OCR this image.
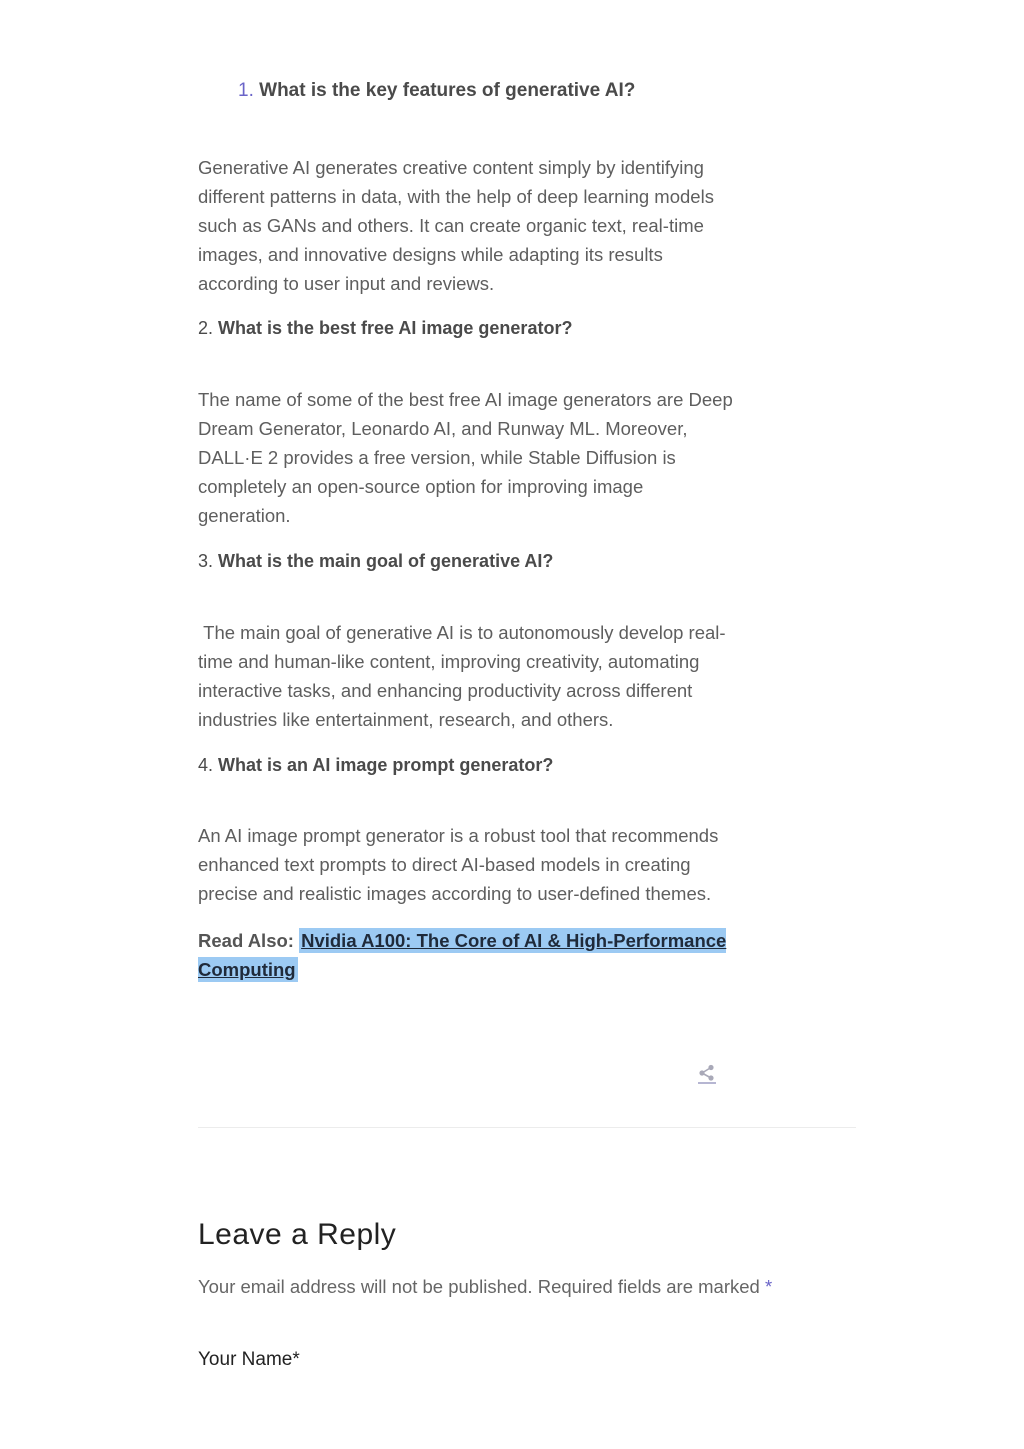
1. What is the key features of generative AI?

Generative AI generates creative content simply by identifying different patterns in data, with the help of deep learning models such as GANs and others. It can create organic text, real-time images, and innovative designs while adapting its results according to user input and reviews.

2. What is the best free AI image generator?

The name of some of the best free AI image generators are Deep Dream Generator, Leonardo AI, and Runway ML. Moreover, DALL·E 2 provides a free version, while Stable Diffusion is completely an open-source option for improving image generation.

3. What is the main goal of generative AI?

The main goal of generative AI is to autonomously develop real-time and human-like content, improving creativity, automating interactive tasks, and enhancing productivity across different industries like entertainment, research, and others.

4. What is an AI image prompt generator?

An AI image prompt generator is a robust tool that recommends enhanced text prompts to direct AI-based models in creating precise and realistic images according to user-defined themes.

Read Also: Nvidia A100: The Core of AI & High-Performance Computing
Leave a Reply
Your email address will not be published. Required fields are marked *
Your Name*
